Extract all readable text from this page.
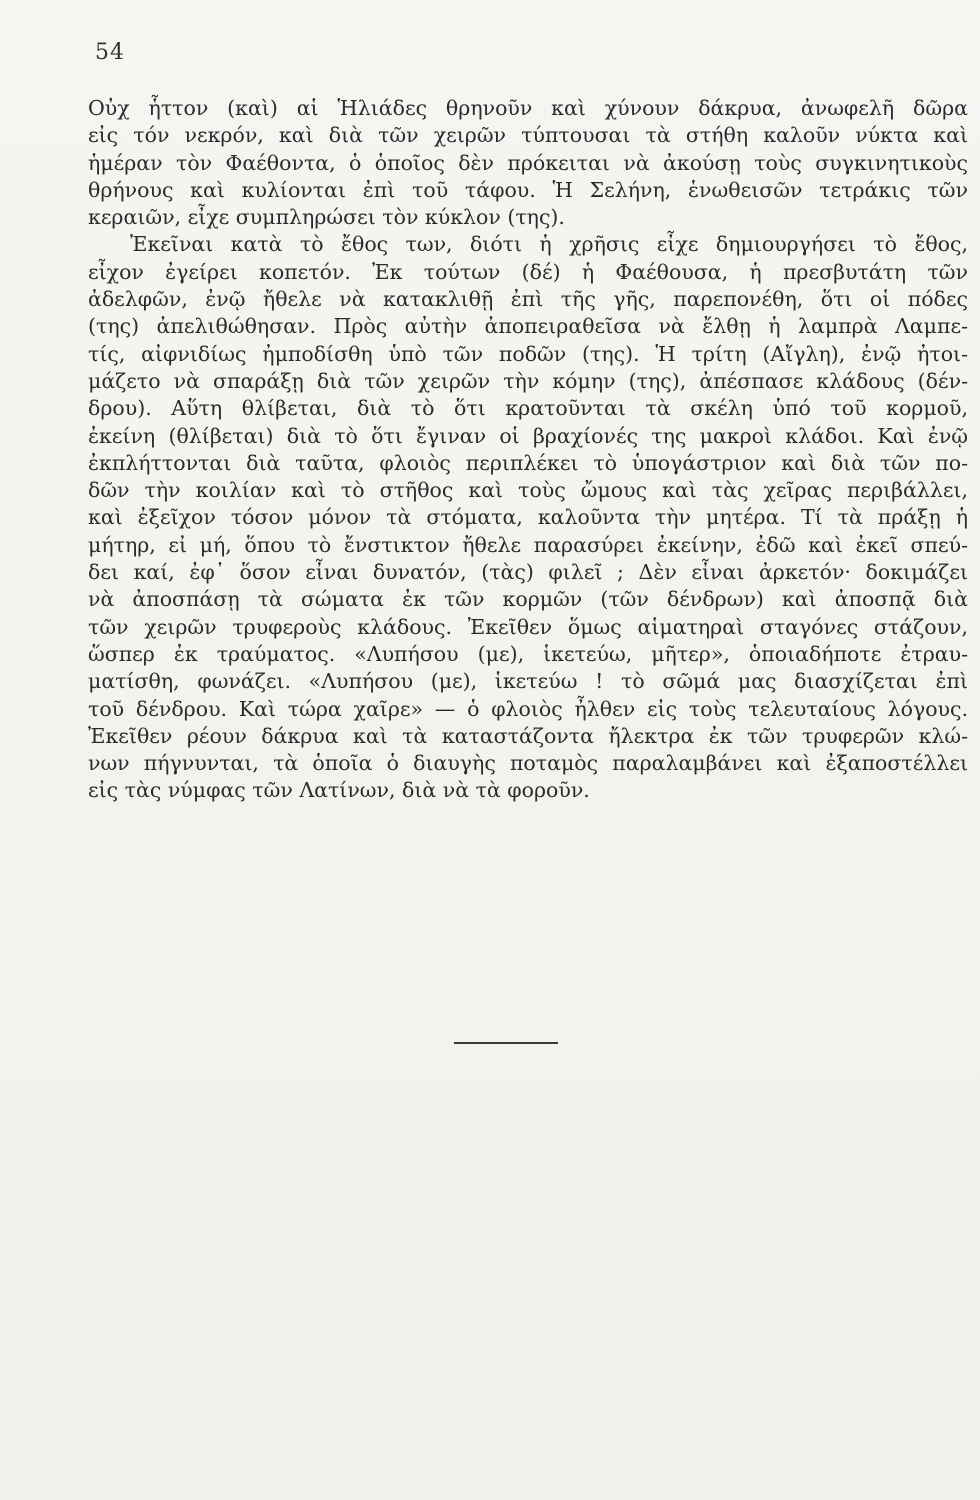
54
Οὐχ ἧττον (καὶ) αἱ Ἡλιάδες θρηνοῦν καὶ χύνουν δάκρυα, ἀνωφελῆ δῶρα
εἰς τόν νεκρόν, καὶ διὰ τῶν χειρῶν τύπτουσαι τὰ στήθη καλοῦν νύκτα καὶ
ἡμέραν τὸν Φαέθοντα, ὁ ὁποῖος δὲν πρόκειται νὰ ἀκούσῃ τοὺς συγκινητικοὺς
θρήνους καὶ κυλίονται ἐπὶ τοῦ τάφου. Ἡ Σελήνη, ἑνωθεισῶν τετράκις τῶν
κεραιῶν, εἶχε συμπληρώσει τὸν κύκλον (της).
Ἐκεῖναι κατὰ τὸ ἔθος των, διότι ἡ χρῆσις εἶχε δημιουργήσει τὸ ἔθος,
εἶχον ἐγείρει κοπετόν. Ἐκ τούτων (δέ) ἡ Φαέθουσα, ἡ πρεσβυτάτη τῶν
ἀδελφῶν, ἐνῷ ἤθελε νὰ κατακλιθῇ ἐπὶ τῆς γῆς, παρεπονέθη, ὅτι οἱ πόδες
(της) ἀπελιθώθησαν. Πρὸς αὐτὴν ἀποπειραθεῖσα νὰ ἔλθῃ ἡ λαμπρὰ Λαμπε-
τίς, αἰφνιδίως ἠμποδίσθη ὑπὸ τῶν ποδῶν (της). Ἡ τρίτη (Αἴγλη), ἐνῷ ἠτοι-
μάζετο νὰ σπαράξῃ διὰ τῶν χειρῶν τὴν κόμην (της), ἀπέσπασε κλάδους (δέν-
δρου). Αὕτη θλίβεται, διὰ τὸ ὅτι κρατοῦνται τὰ σκέλη ὑπό τοῦ κορμοῦ,
ἐκείνη (θλίβεται) διὰ τὸ ὅτι ἔγιναν οἱ βραχίονές της μακροὶ κλάδοι. Καὶ ἐνῷ
ἐκπλήττονται διὰ ταῦτα, φλοιὸς περιπλέκει τὸ ὑπογάστριον καὶ διὰ τῶν πο-
δῶν τὴν κοιλίαν καὶ τὸ στῆθος καὶ τοὺς ὤμους καὶ τὰς χεῖρας περιβάλλει,
καὶ ἐξεῖχον τόσον μόνον τὰ στόματα, καλοῦντα τὴν μητέρα. Τί τὰ πράξῃ ἡ
μήτηρ, εἰ μή, ὅπου τὸ ἔνστικτον ἤθελε παρασύρει ἐκείνην, ἐδῶ καὶ ἐκεῖ σπεύ-
δει καί, ἐφ᾽ ὅσον εἶναι δυνατόν, (τὰς) φιλεῖ ; Δὲν εἶναι ἀρκετόν· δοκιμάζει
νὰ ἀποσπάσῃ τὰ σώματα ἐκ τῶν κορμῶν (τῶν δένδρων) καὶ ἀποσπᾷ διὰ
τῶν χειρῶν τρυφεροὺς κλάδους. Ἐκεῖθεν ὅμως αἱματηραὶ σταγόνες στάζουν,
ὥσπερ ἐκ τραύματος. «Λυπήσου (με), ἱκετεύω, μῆτερ», ὁποιαδήποτε ἐτραυ-
ματίσθη, φωνάζει. «Λυπήσου (με), ἱκετεύω ! τὸ σῶμά μας διασχίζεται ἐπὶ
τοῦ δένδρου. Καὶ τώρα χαῖρε» — ὁ φλοιὸς ἦλθεν εἰς τοὺς τελευταίους λόγους.
Ἐκεῖθεν ρέουν δάκρυα καὶ τὰ καταστάζοντα ἤλεκτρα ἐκ τῶν τρυφερῶν κλώ-
νων πήγνυνται, τὰ ὁποῖα ὁ διαυγὴς ποταμὸς παραλαμβάνει καὶ ἐξαποστέλλει
εἰς τὰς νύμφας τῶν Λατίνων, διὰ νὰ τὰ φοροῦν.
